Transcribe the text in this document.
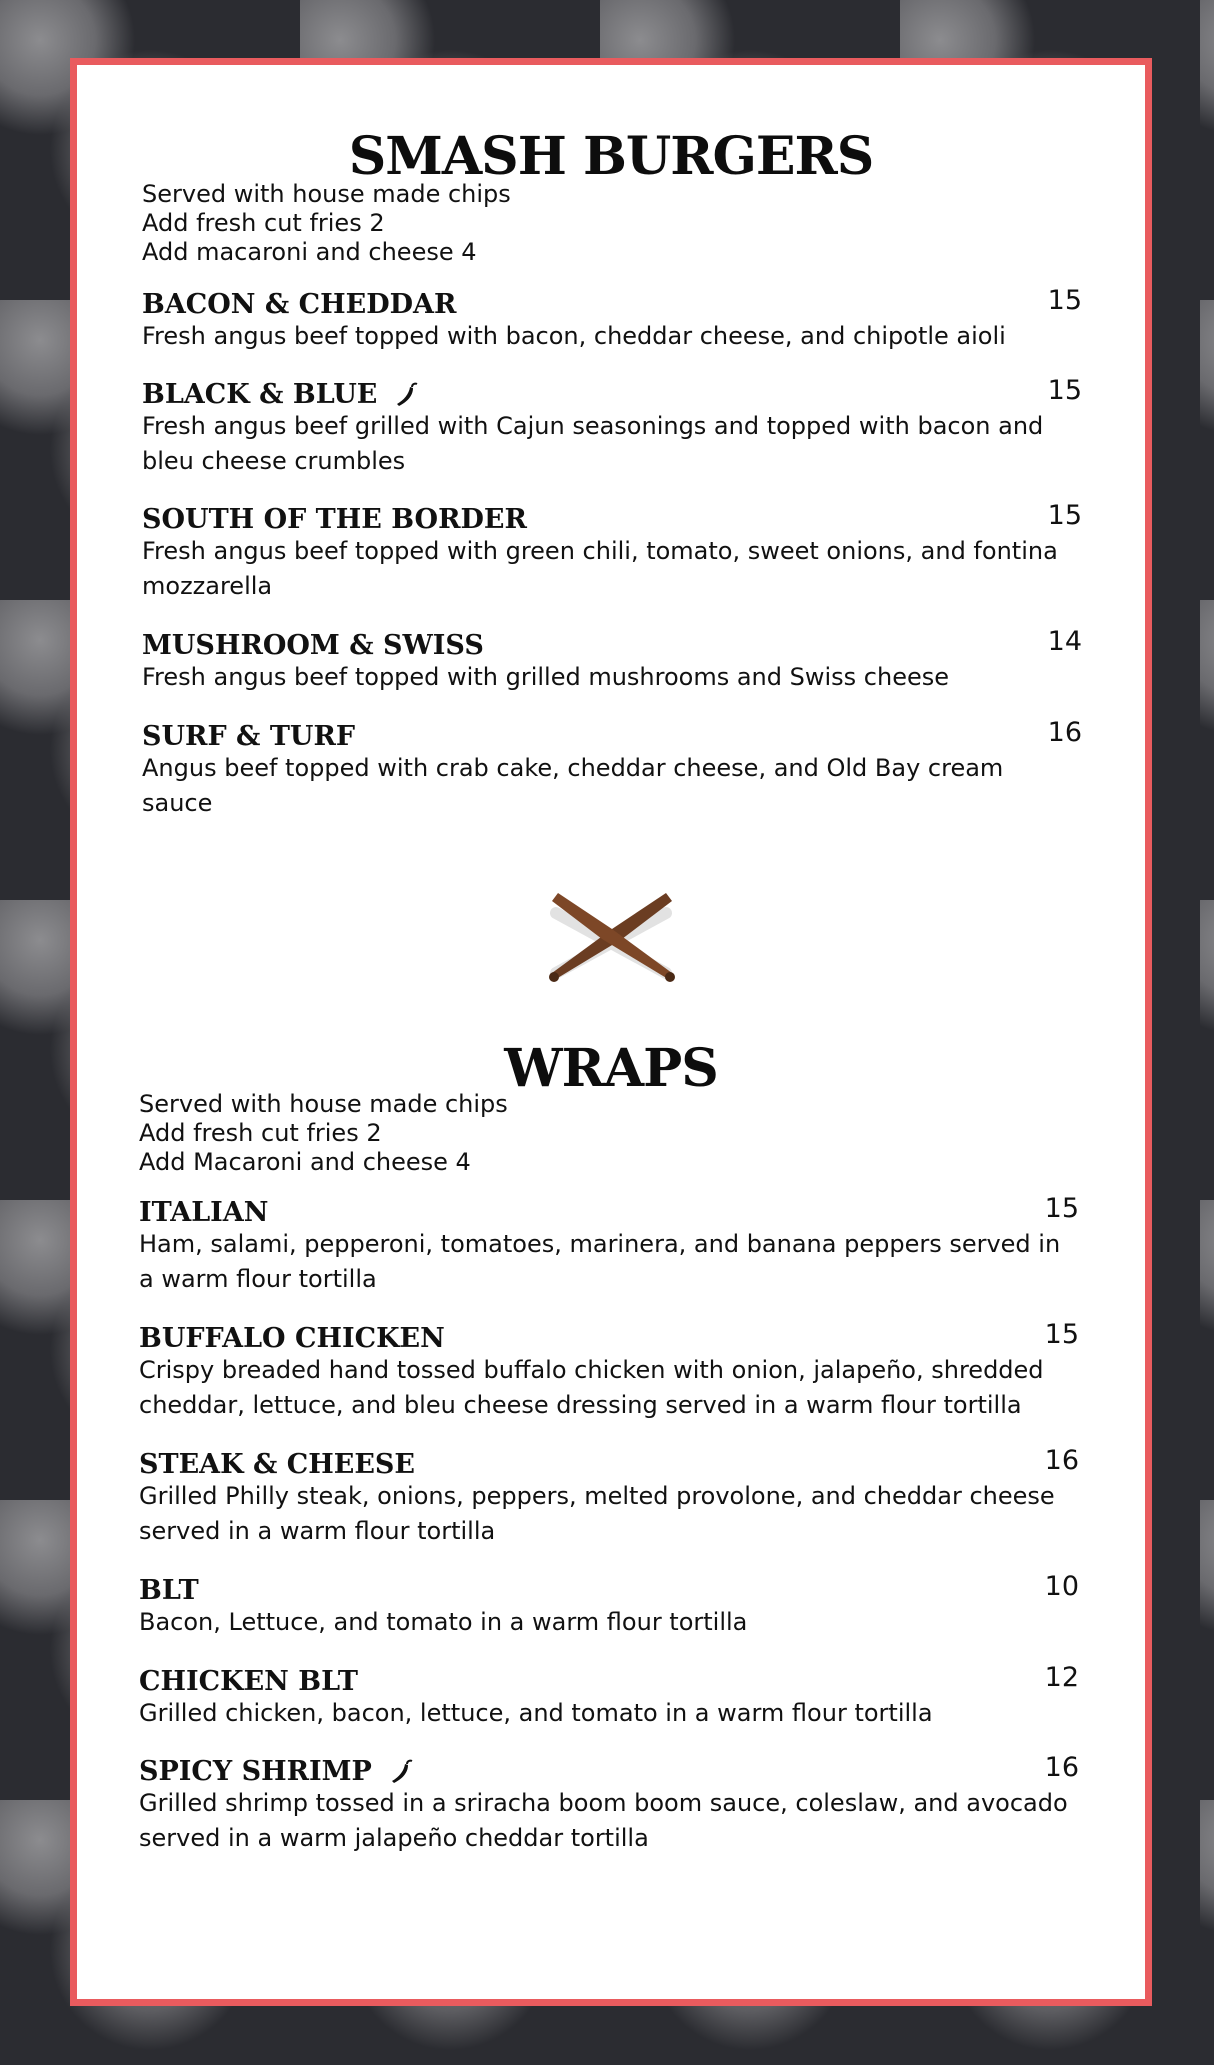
SMASH BURGERS
Served with house made chips
Add fresh cut fries 2
Add macaroni and cheese 4
BACON & CHEDDAR	15
Fresh angus beef topped with bacon, cheddar cheese, and chipotle aioli
BLACK & BLUE	15
Fresh angus beef grilled with Cajun seasonings and topped with bacon and bleu cheese crumbles
SOUTH OF THE BORDER	15
Fresh angus beef topped with green chili, tomato, sweet onions, and fontina mozzarella
MUSHROOM & SWISS	14
Fresh angus beef topped with grilled mushrooms and Swiss cheese
SURF & TURF	16
Angus beef topped with crab cake, cheddar cheese, and Old Bay cream sauce
WRAPS
Served with house made chips
Add fresh cut fries 2
Add Macaroni and cheese 4
ITALIAN	15
Ham, salami, pepperoni, tomatoes, marinera, and banana peppers served in a warm flour tortilla
BUFFALO CHICKEN	15
Crispy breaded hand tossed buffalo chicken with onion, jalapeño, shredded cheddar, lettuce, and bleu cheese dressing served in a warm flour tortilla
STEAK & CHEESE	16
Grilled Philly steak, onions, peppers, melted provolone, and cheddar cheese served in a warm flour tortilla
BLT	10
Bacon, Lettuce, and tomato in a warm flour tortilla
CHICKEN BLT	12
Grilled chicken, bacon, lettuce, and tomato in a warm flour tortilla
SPICY SHRIMP	16
Grilled shrimp tossed in a sriracha boom boom sauce, coleslaw, and avocado served in a warm jalapeño cheddar tortilla
